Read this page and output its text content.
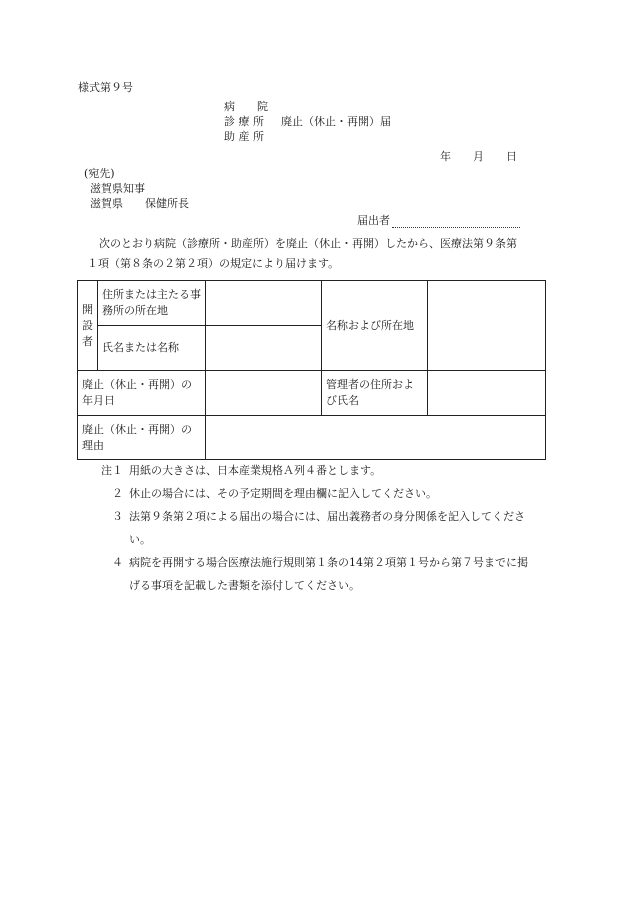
様式第９号
病　　院
診 療 所
助 産 所
廃止（休止・再開）届
年　　月　　日
(宛先)
滋賀県知事
滋賀県　　保健所長
届出者
次のとおり病院（診療所・助産所）を廃止（休止・再開）したから、医療法第９条第
１項（第８条の２第２項）の規定により届けます。
開
設
者	住所または主たる事務所の所在地		名称および所在地	
	氏名または名称			
廃止（休止・再開）の年月日			管理者の住所および氏名	
廃止（休止・再開）の理由				
注１ 用紙の大きさは、日本産業規格Ａ列４番とします。
２ 休止の場合には、その予定期間を理由欄に記入してください。
３ 法第９条第２項による届出の場合には、届出義務者の身分関係を記入してくださ
い。
４ 病院を再開する場合医療法施行規則第１条の14第２項第１号から第７号までに掲
げる事項を記載した書類を添付してください。
